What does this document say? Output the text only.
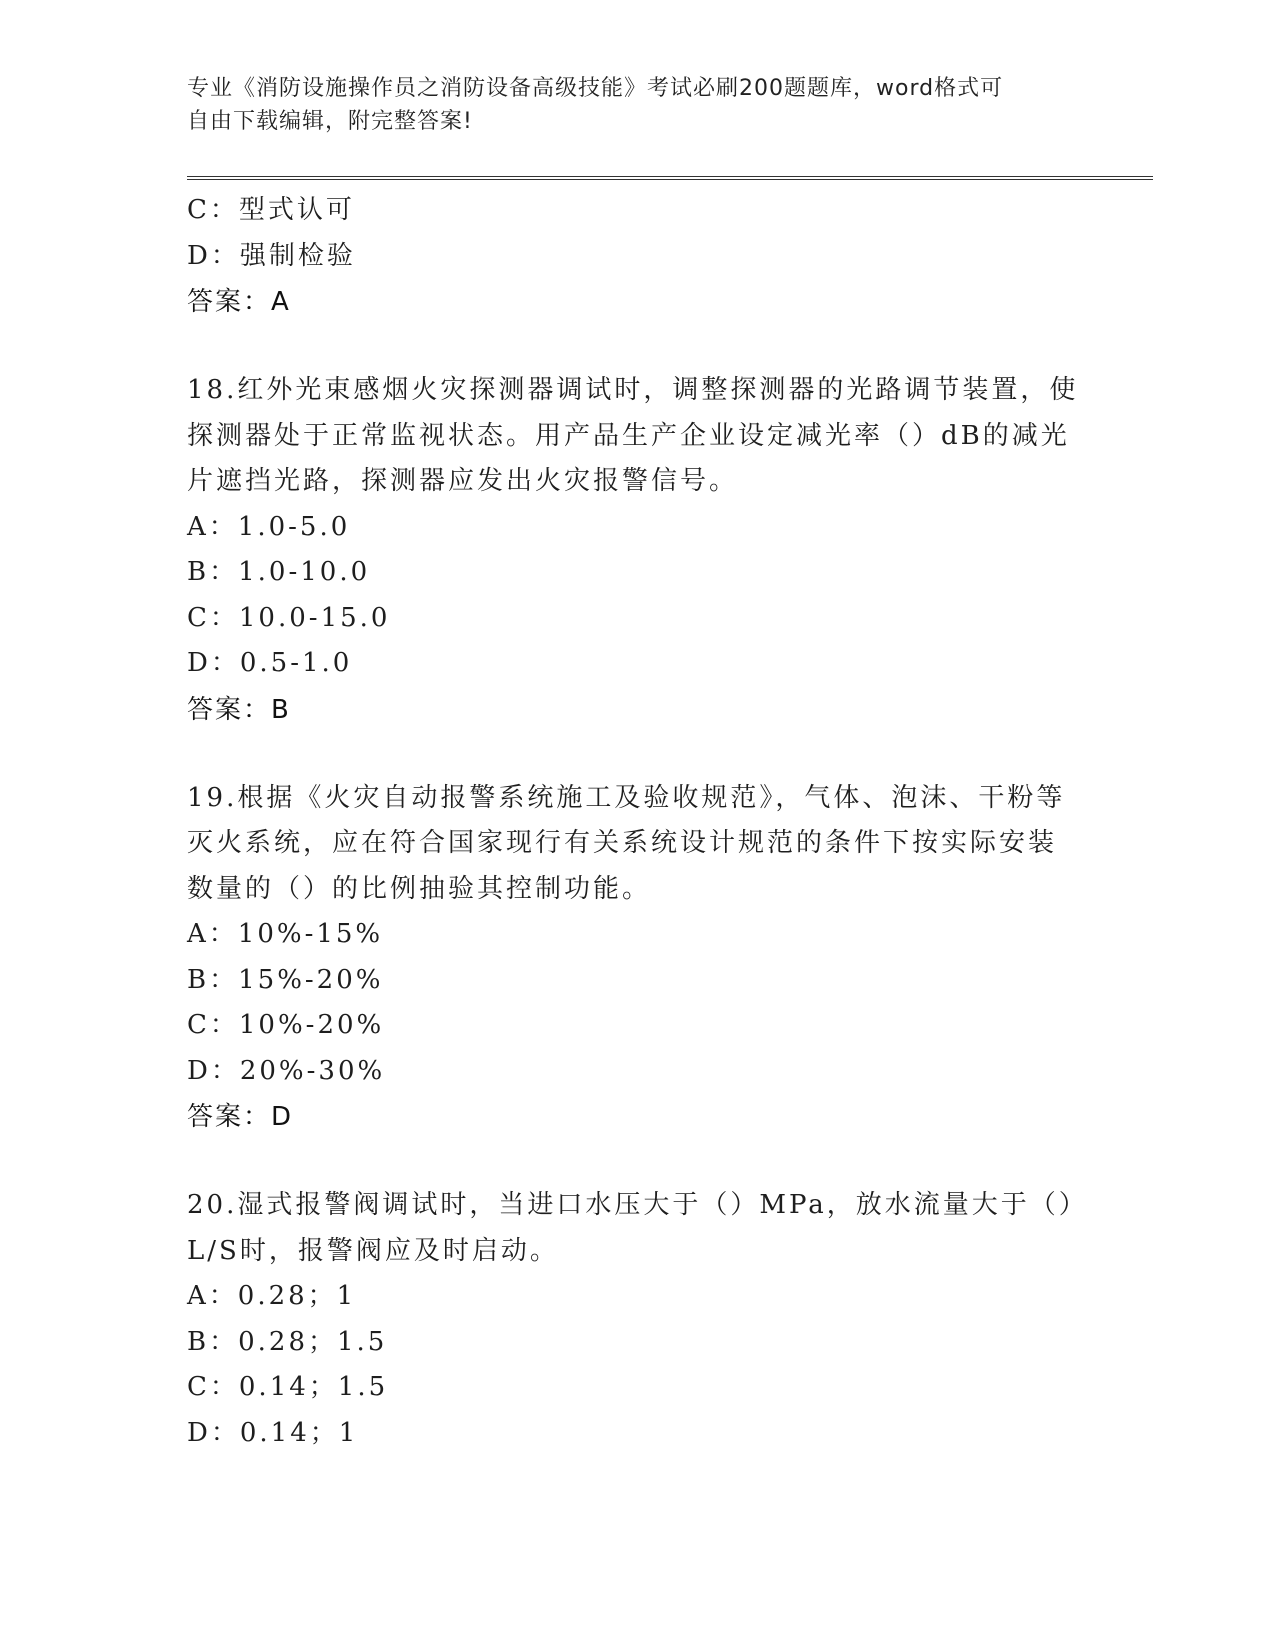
专业《消防设施操作员之消防设备高级技能》考试必刷200题题库，word格式可
自由下载编辑，附完整答案!
C：型式认可
D：强制检验
答案：A
18.红外光束感烟火灾探测器调试时，调整探测器的光路调节装置，使
探测器处于正常监视状态。用产品生产企业设定减光率（）dB的减光
片遮挡光路，探测器应发出火灾报警信号。
A：1.0-5.0
B：1.0-10.0
C：10.0-15.0
D：0.5-1.0
答案：B
19.根据《火灾自动报警系统施工及验收规范》，气体、泡沫、干粉等
灭火系统，应在符合国家现行有关系统设计规范的条件下按实际安装
数量的（）的比例抽验其控制功能。
A：10%-15%
B：15%-20%
C：10%-20%
D：20%-30%
答案：D
20.湿式报警阀调试时，当进口水压大于（）MPa，放水流量大于（）
L/S时，报警阀应及时启动。
A：0.28；1
B：0.28；1.5
C：0.14；1.5
D：0.14；1
